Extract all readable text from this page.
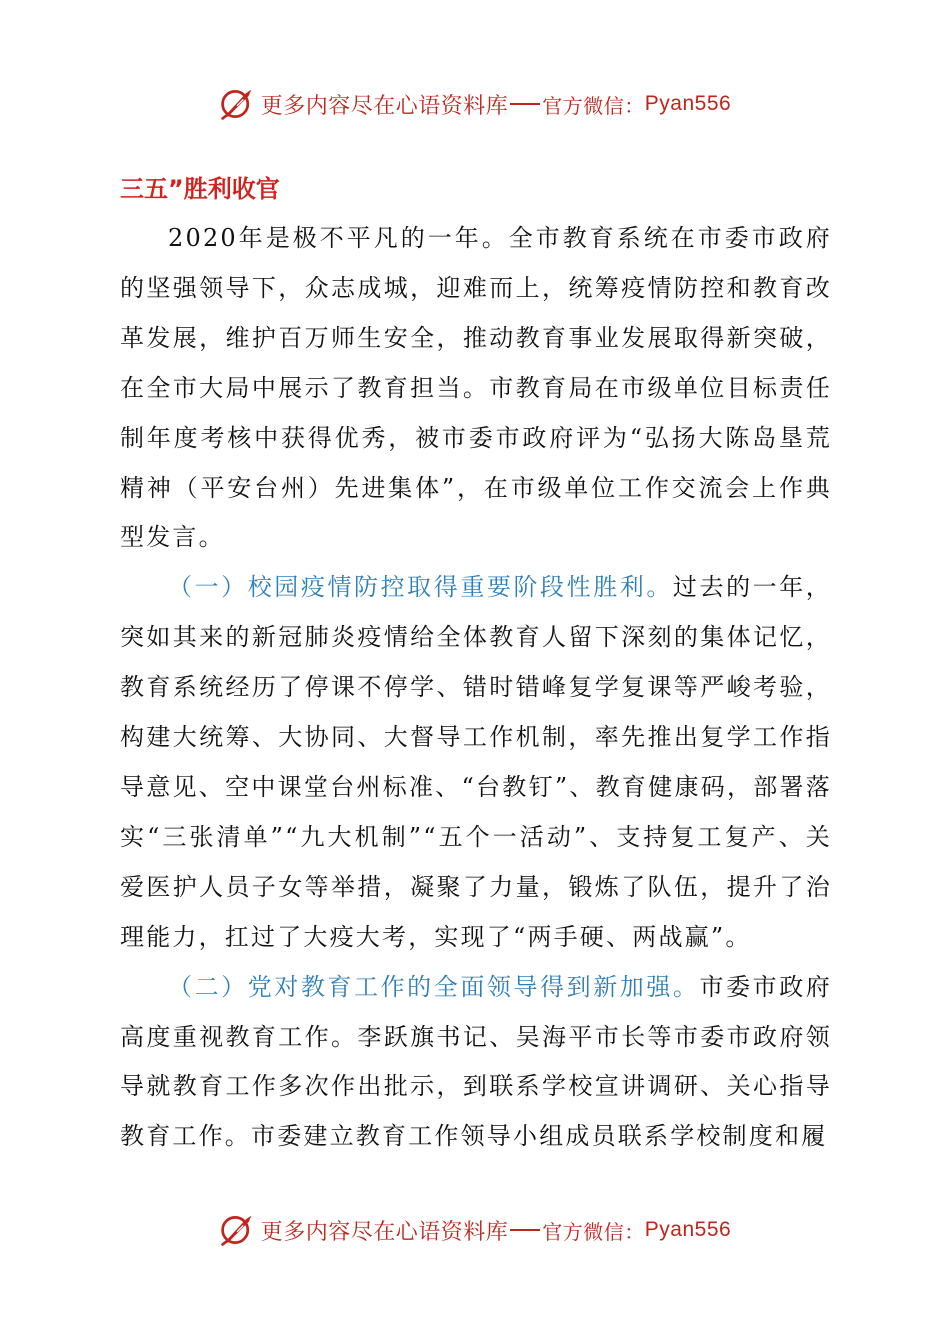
更多内容尽在心语资料库 官方微信： Pyan556
三五”胜利收官

2020年是极不平凡的一年。全市教育系统在市委市政府的坚强领导下，众志成城，迎难而上，统筹疫情防控和教育改革发展，维护百万师生安全，推动教育事业发展取得新突破，在全市大局中展示了教育担当。市教育局在市级单位目标责任制年度考核中获得优秀，被市委市政府评为“弘扬大陈岛垦荒精神（平安台州）先进集体”，在市级单位工作交流会上作典型发言。

（一）校园疫情防控取得重要阶段性胜利。过去的一年，突如其来的新冠肺炎疫情给全体教育人留下深刻的集体记忆，教育系统经历了停课不停学、错时错峰复学复课等严峻考验，构建大统筹、大协同、大督导工作机制，率先推出复学工作指导意见、空中课堂台州标准、“台教钉”、教育健康码，部署落实“三张清单”“九大机制”“五个一活动”、支持复工复产、关爱医护人员子女等举措，凝聚了力量，锻炼了队伍，提升了治理能力，扛过了大疫大考，实现了“两手硬、两战赢”。

（二）党对教育工作的全面领导得到新加强。市委市政府高度重视教育工作。李跃旗书记、吴海平市长等市委市政府领导就教育工作多次作出批示，到联系学校宣讲调研、关心指导教育工作。市委建立教育工作领导小组成员联系学校制度和履

更多内容尽在心语资料库 官方微信： Pyan556
